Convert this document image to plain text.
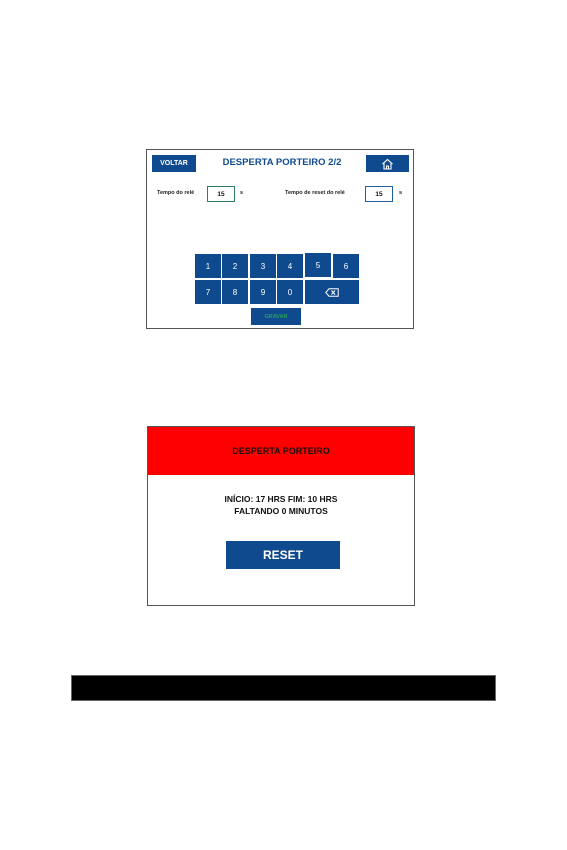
VOLTAR	DESPERTA PORTEIRO 2/2
Tempo do relé	15	s	Tempo de reset do relé	15	s
1	2	3	4	5	6
7	8	9	0
GRAVAR
DESPERTA PORTEIRO
INÍCIO: 17 HRS FIM: 10 HRS
FALTANDO 0 MINUTOS
RESET
